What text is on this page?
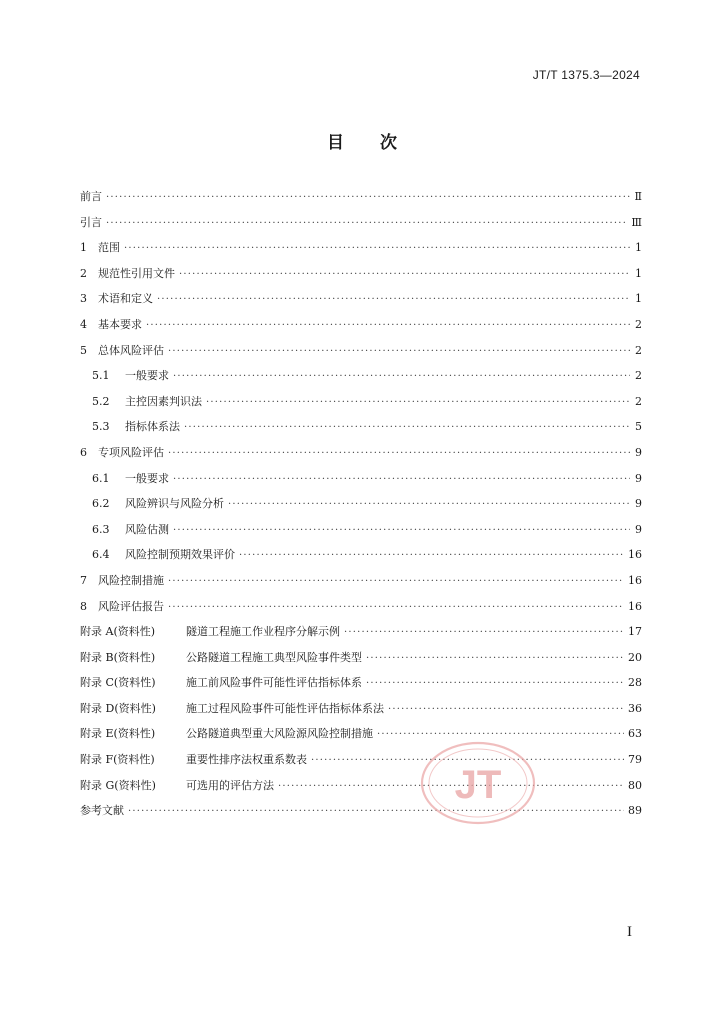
JT/T 1375.3—2024
目 次
前言 ·····	Ⅱ
引言 ·····	Ⅲ
1 范围 ·····	1
2 规范性引用文件 ·····	1
3 术语和定义 ·····	1
4 基本要求 ·····	2
5 总体风险评估 ·····	2
5.1 一般要求 ·····	2
5.2 主控因素判识法 ·····	2
5.3 指标体系法 ·····	5
6 专项风险评估 ·····	9
6.1 一般要求 ·····	9
6.2 风险辨识与风险分析 ·····	9
6.3 风险估测 ·····	9
6.4 风险控制预期效果评价 ·····	16
7 风险控制措施 ·····	16
8 风险评估报告 ·····	16
附录 A(资料性)	隧道工程施工作业程序分解示例 ·····	17
附录 B(资料性)	公路隧道工程施工典型风险事件类型 ·····	20
附录 C(资料性)	施工前风险事件可能性评估指标体系 ·····	28
附录 D(资料性)	施工过程风险事件可能性评估指标体系法 ·····	36
附录 E(资料性)	公路隧道典型重大风险源风险控制措施 ·····	63
附录 F(资料性)	重要性排序法权重系数表 ·····	79
附录 G(资料性)	可选用的评估方法 ·····	80
参考文献 ·····	89
JT
I
